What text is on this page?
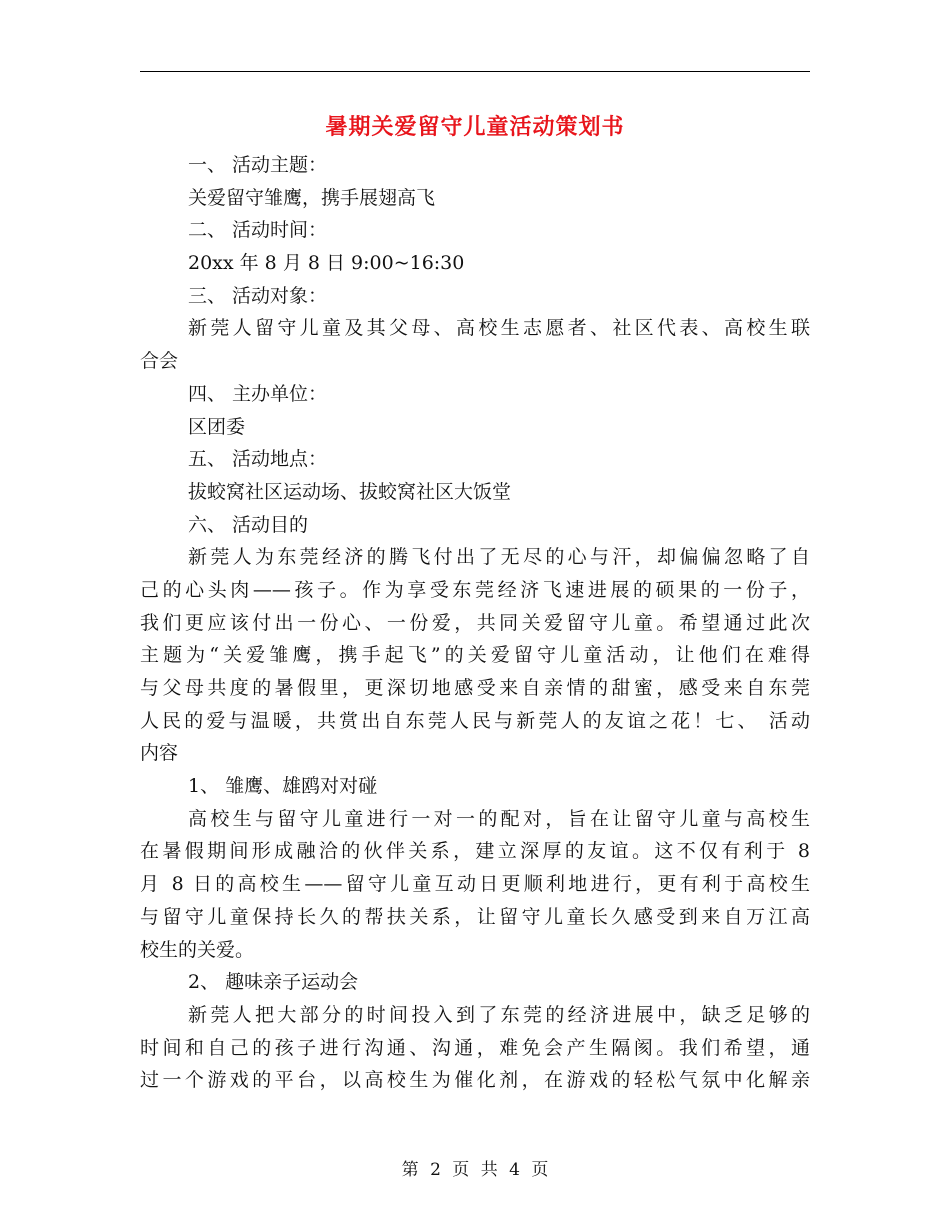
暑期关爱留守儿童活动策划书
一、 活动主题：
关爱留守雏鹰，携手展翅高飞
二、 活动时间：
20xx 年 8 月 8 日 9:00~16:30
三、 活动对象：
新莞人留守儿童及其父母、高校生志愿者、社区代表、高校生联
合会
四、 主办单位：
区团委
五、 活动地点：
拔蛟窝社区运动场、拔蛟窝社区大饭堂
六、 活动目的
新莞人为东莞经济的腾飞付出了无尽的心与汗，却偏偏忽略了自
己的心头肉——孩子。作为享受东莞经济飞速进展的硕果的一份子，
我们更应该付出一份心、一份爱，共同关爱留守儿童。希望通过此次
主题为“关爱雏鹰，携手起飞”的关爱留守儿童活动，让他们在难得
与父母共度的暑假里，更深切地感受来自亲情的甜蜜，感受来自东莞
人民的爱与温暖，共赏出自东莞人民与新莞人的友谊之花！七、 活动
内容
1、 雏鹰、雄鸥对对碰
高校生与留守儿童进行一对一的配对，旨在让留守儿童与高校生
在暑假期间形成融洽的伙伴关系，建立深厚的友谊。这不仅有利于 8
月 8 日的高校生——留守儿童互动日更顺利地进行，更有利于高校生
与留守儿童保持长久的帮扶关系，让留守儿童长久感受到来自万江高
校生的关爱。
2、 趣味亲子运动会
新莞人把大部分的时间投入到了东莞的经济进展中，缺乏足够的
时间和自己的孩子进行沟通、沟通，难免会产生隔阂。我们希望，通
过一个游戏的平台，以高校生为催化剂，在游戏的轻松气氛中化解亲
第 2 页 共 4 页
